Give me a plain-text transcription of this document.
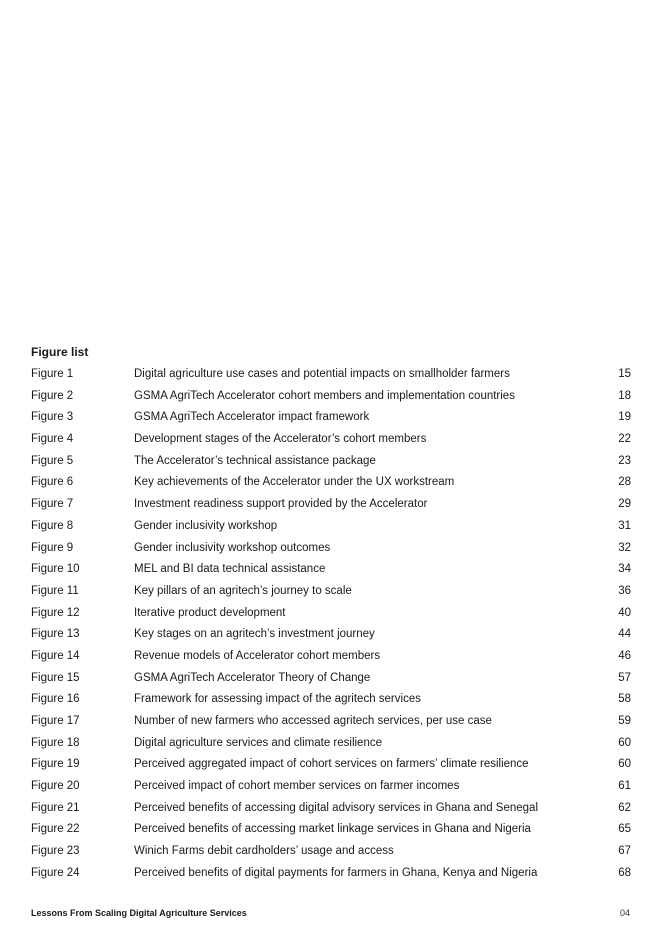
Figure list
Figure 1	Digital agriculture use cases and potential impacts on smallholder farmers	15
Figure 2	GSMA AgriTech Accelerator cohort members and implementation countries	18
Figure 3	GSMA AgriTech Accelerator impact framework	19
Figure 4	Development stages of the Accelerator’s cohort members	22
Figure 5	The Accelerator’s technical assistance package	23
Figure 6	Key achievements of the Accelerator under the UX workstream	28
Figure 7	Investment readiness support provided by the Accelerator	29
Figure 8	Gender inclusivity workshop	31
Figure 9	Gender inclusivity workshop outcomes	32
Figure 10	MEL and BI data technical assistance	34
Figure 11	Key pillars of an agritech’s journey to scale	36
Figure 12	Iterative product development	40
Figure 13	Key stages on an agritech’s investment journey	44
Figure 14	Revenue models of Accelerator cohort members	46
Figure 15	GSMA AgriTech Accelerator Theory of Change	57
Figure 16	Framework for assessing impact of the agritech services	58
Figure 17	Number of new farmers who accessed agritech services, per use case	59
Figure 18	Digital agriculture services and climate resilience	60
Figure 19	Perceived aggregated impact of cohort services on farmers’ climate resilience	60
Figure 20	Perceived impact of cohort member services on farmer incomes	61
Figure 21	Perceived benefits of accessing digital advisory services in Ghana and Senegal	62
Figure 22	Perceived benefits of accessing market linkage services in Ghana and Nigeria	65
Figure 23	Winich Farms debit cardholders’ usage and access	67
Figure 24	Perceived benefits of digital payments for farmers in Ghana, Kenya and Nigeria	68
Lessons From Scaling Digital Agriculture Services	04
